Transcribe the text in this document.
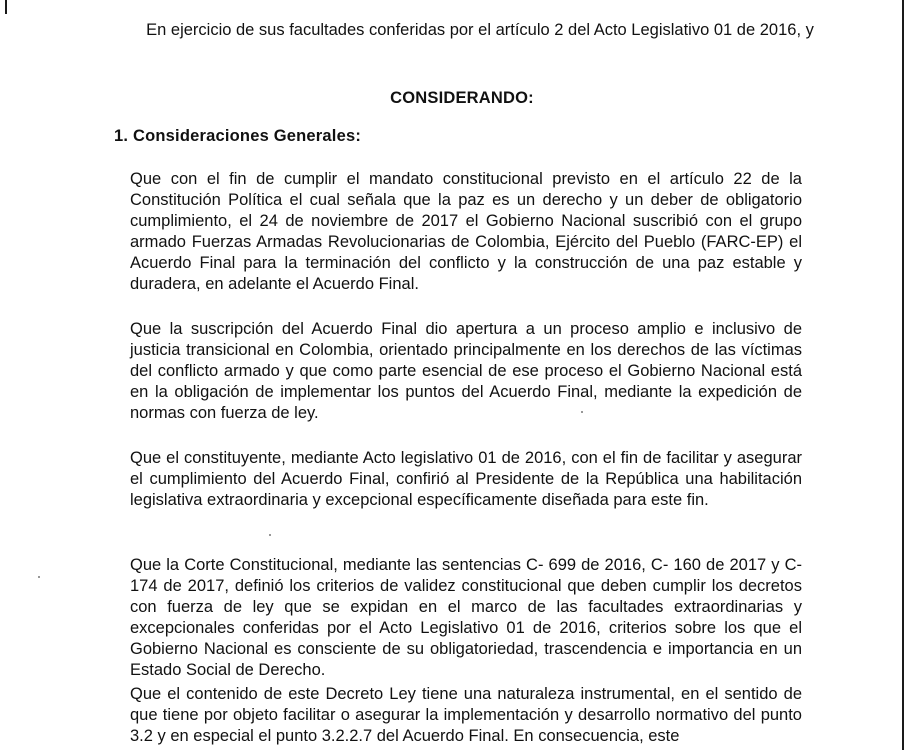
En ejercicio de sus facultades conferidas por el artículo 2 del Acto Legislativo 01 de 2016, y
CONSIDERANDO:
1. Consideraciones Generales:

Que con el fin de cumplir el mandato constitucional previsto en el artículo 22 de la Constitución Política el cual señala que la paz es un derecho y un deber de obligatorio cumplimiento, el 24 de noviembre de 2017 el Gobierno Nacional suscribió con el grupo armado Fuerzas Armadas Revolucionarias de Colombia, Ejército del Pueblo (FARC-EP) el Acuerdo Final para la terminación del conflicto y la construcción de una paz estable y duradera, en adelante el Acuerdo Final.

Que la suscripción del Acuerdo Final dio apertura a un proceso amplio e inclusivo de justicia transicional en Colombia, orientado principalmente en los derechos de las víctimas del conflicto armado y que como parte esencial de ese proceso el Gobierno Nacional está en la obligación de implementar los puntos del Acuerdo Final, mediante la expedición de normas con fuerza de ley.

Que el constituyente, mediante Acto legislativo 01 de 2016, con el fin de facilitar y asegurar el cumplimiento del Acuerdo Final, confirió al Presidente de la República una habilitación legislativa extraordinaria y excepcional específicamente diseñada para este fin.

Que la Corte Constitucional, mediante las sentencias C- 699 de 2016, C- 160 de 2017 y C- 174 de 2017, definió los criterios de validez constitucional que deben cumplir los decretos con fuerza de ley que se expidan en el marco de las facultades extraordinarias y excepcionales conferidas por el Acto Legislativo 01 de 2016, criterios sobre los que el Gobierno Nacional es consciente de su obligatoriedad, trascendencia e importancia en un Estado Social de Derecho.

Que el contenido de este Decreto Ley tiene una naturaleza instrumental, en el sentido de que tiene por objeto facilitar o asegurar la implementación y desarrollo normativo del punto 3.2 y en especial el punto 3.2.2.7 del Acuerdo Final. En consecuencia, este
